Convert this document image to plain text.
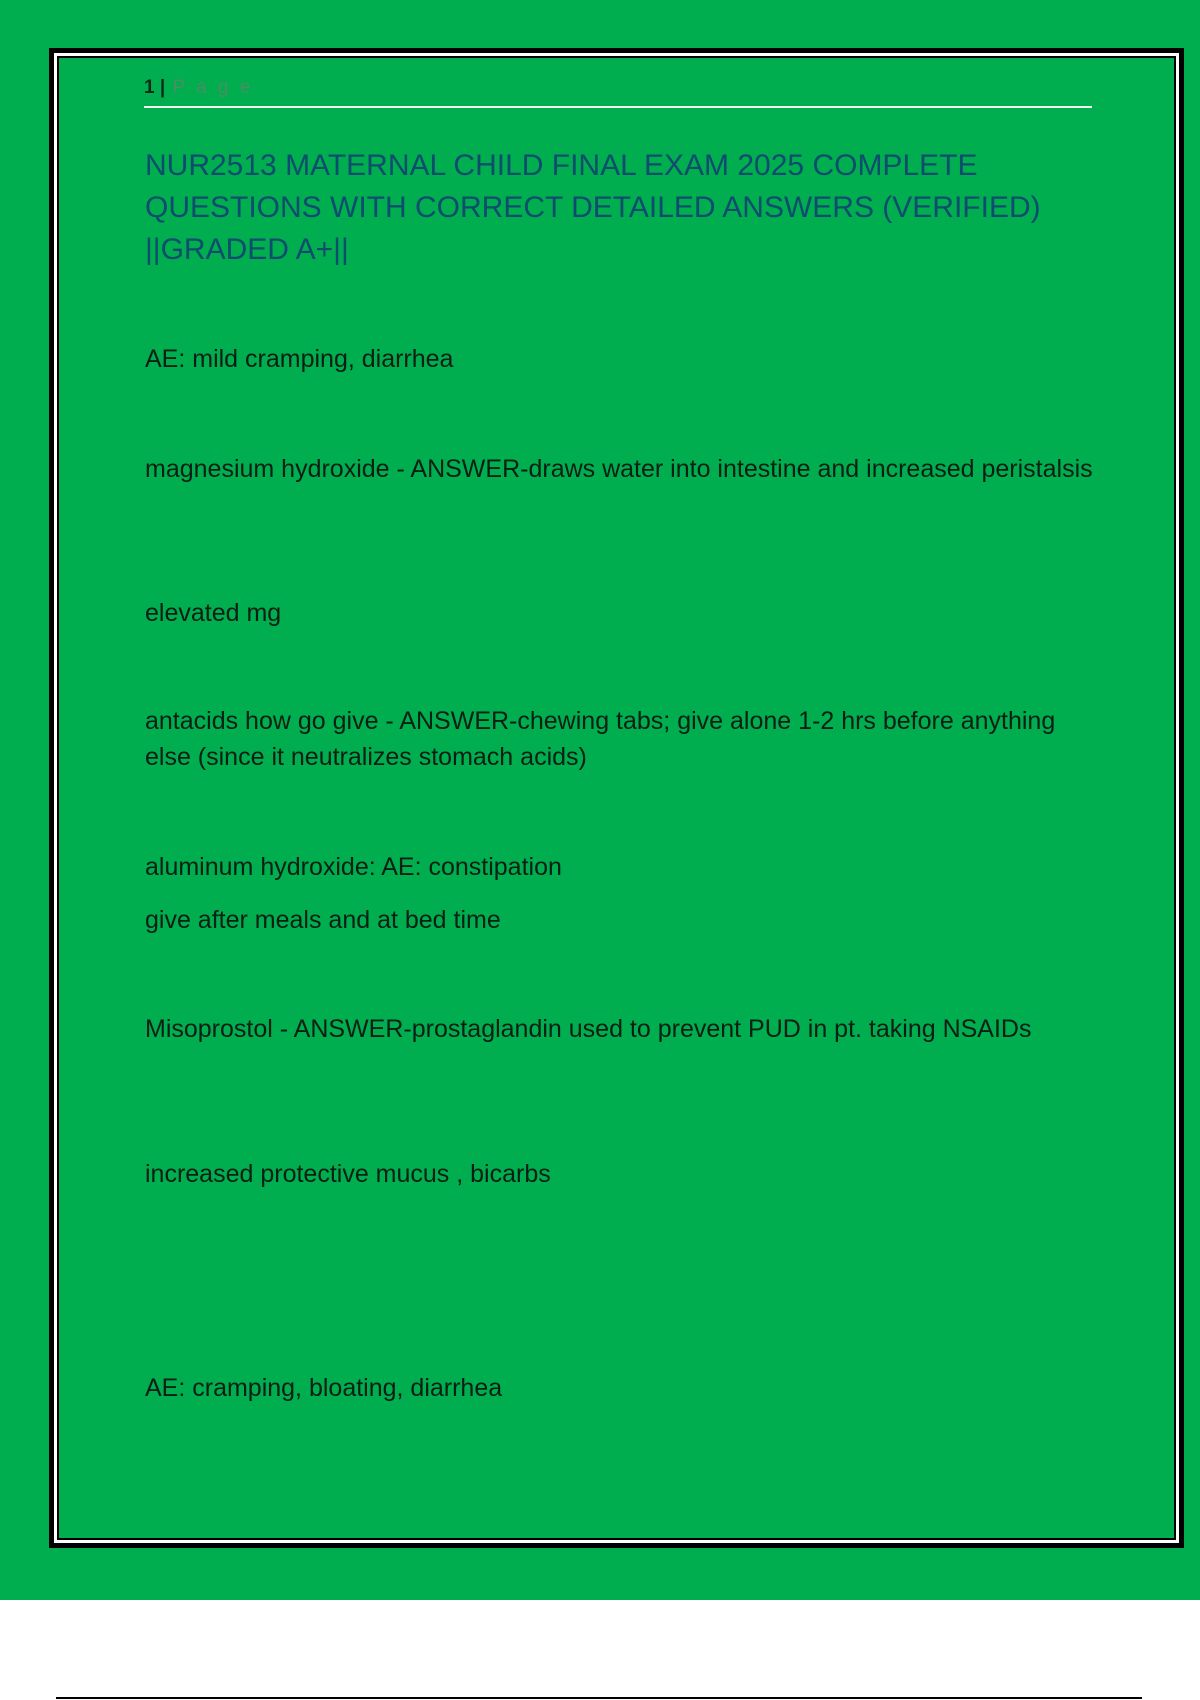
1 | P a g e
NUR2513 MATERNAL CHILD FINAL EXAM 2025 COMPLETE QUESTIONS WITH CORRECT DETAILED ANSWERS (VERIFIED) ||GRADED A+||

AE: mild cramping, diarrhea

magnesium hydroxide - ANSWER-draws water into intestine and increased peristalsis

elevated mg

antacids how go give - ANSWER-chewing tabs; give alone 1-2 hrs before anything else (since it neutralizes stomach acids)

aluminum hydroxide: AE: constipation

give after meals and at bed time

Misoprostol - ANSWER-prostaglandin used to prevent PUD in pt. taking NSAIDs

increased protective mucus , bicarbs

AE: cramping, bloating, diarrhea
